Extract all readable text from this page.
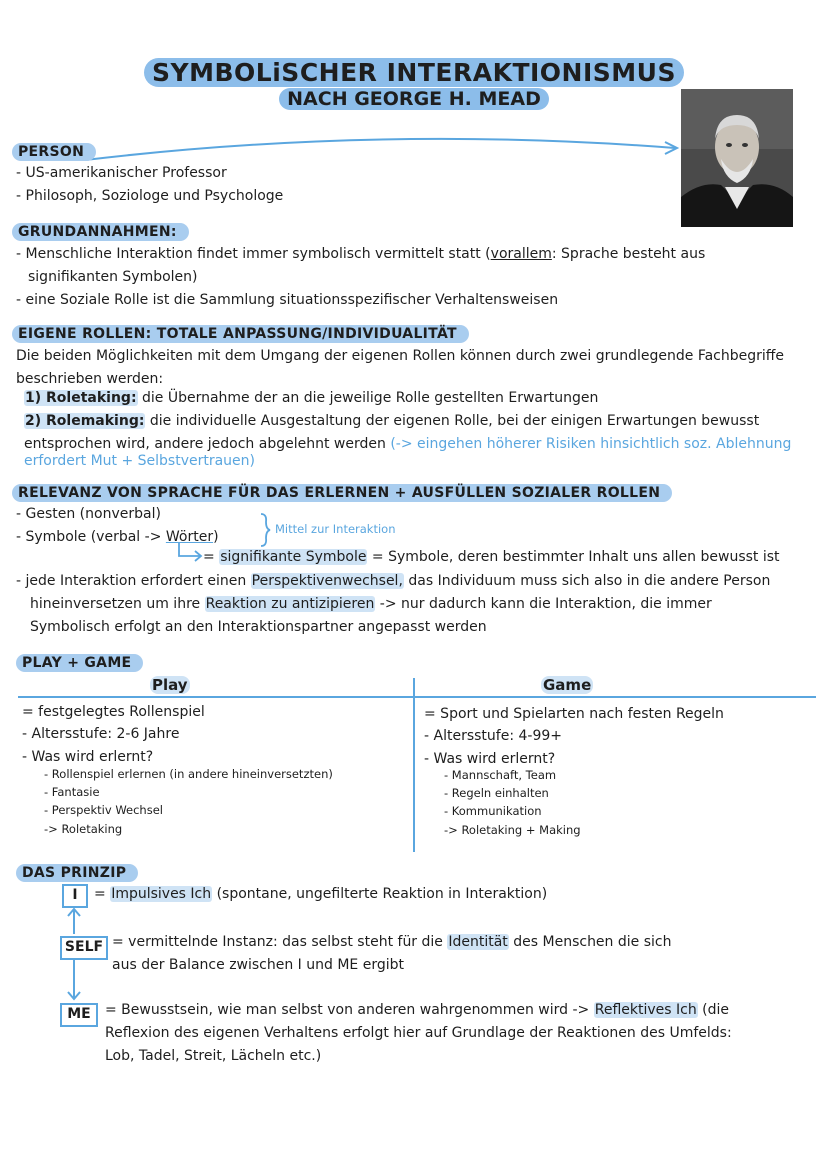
SYMBOLiSCHER INTERAKTIONISMUS
NACH GEORGE H. MEAD
PERSON
- US-amerikanischer Professor
- Philosoph, Soziologe und Psychologe
GRUNDANNAHMEN:
- Menschliche Interaktion findet immer symbolisch vermittelt statt (vorallem: Sprache besteht aus
signifikanten Symbolen)
- eine Soziale Rolle ist die Sammlung situationsspezifischer Verhaltensweisen
EIGENE ROLLEN: TOTALE ANPASSUNG/INDIVIDUALITÄT
Die beiden Möglichkeiten mit dem Umgang der eigenen Rollen können durch zwei grundlegende Fachbegriffe
beschrieben werden:
1) Roletaking: die Übernahme der an die jeweilige Rolle gestellten Erwartungen
2) Rolemaking: die individuelle Ausgestaltung der eigenen Rolle, bei der einigen Erwartungen bewusst
entsprochen wird, andere jedoch abgelehnt werden (-> eingehen höherer Risiken hinsichtlich soz. Ablehnung
erfordert Mut + Selbstvertrauen)
RELEVANZ VON SPRACHE FÜR DAS ERLERNEN + AUSFÜLLEN SOZIALER ROLLEN
- Gesten (nonverbal)
- Symbole (verbal -> Wörter)	Mittel zur Interaktion
= signifikante Symbole = Symbole, deren bestimmter Inhalt uns allen bewusst ist
- jede Interaktion erfordert einen Perspektivenwechsel, das Individuum muss sich also in die andere Person
hineinversetzen um ihre Reaktion zu antizipieren -> nur dadurch kann die Interaktion, die immer
Symbolisch erfolgt an den Interaktionspartner angepasst werden
PLAY + GAME
Play	Game
= festgelegtes Rollenspiel
- Altersstufe: 2-6 Jahre
- Was wird erlernt?
- Rollenspiel erlernen (in andere hineinversetzten)
- Fantasie
- Perspektiv Wechsel
-> Roletaking
= Sport und Spielarten nach festen Regeln
- Altersstufe: 4-99+
- Was wird erlernt?
- Mannschaft, Team
- Regeln einhalten
- Kommunikation
-> Roletaking + Making
DAS PRINZIP
I	= Impulsives Ich (spontane, ungefilterte Reaktion in Interaktion)
SELF = vermittelnde Instanz: das selbst steht für die Identität des Menschen die sich
aus der Balance zwischen I und ME ergibt
ME	= Bewusstsein, wie man selbst von anderen wahrgenommen wird -> Reflektives Ich (die
Reflexion des eigenen Verhaltens erfolgt hier auf Grundlage der Reaktionen des Umfelds:
Lob, Tadel, Streit, Lächeln etc.)
